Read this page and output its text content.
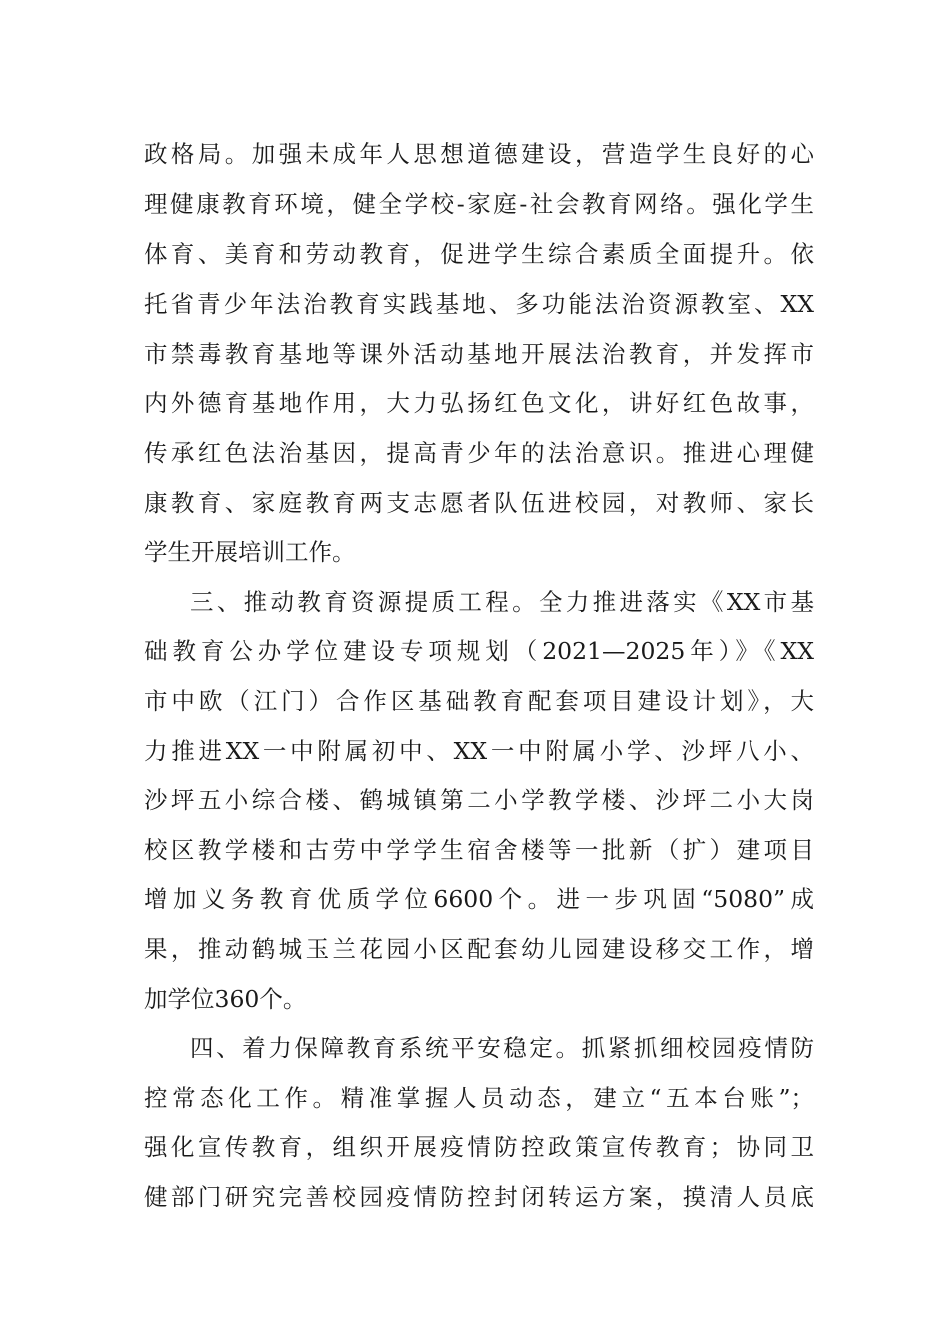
政格局。加强未成年人思想道德建设，营造学生良好的心
理健康教育环境，健全学校-家庭-社会教育网络。强化学生
体育、美育和劳动教育，促进学生综合素质全面提升。依
托省青少年法治教育实践基地、多功能法治资源教室、XX
市禁毒教育基地等课外活动基地开展法治教育，并发挥市
内外德育基地作用，大力弘扬红色文化，讲好红色故事，
传承红色法治基因，提高青少年的法治意识。推进心理健
康教育、家庭教育两支志愿者队伍进校园，对教师、家长
学生开展培训工作。
三、推动教育资源提质工程。全力推进落实《XX市基
础教育公办学位建设专项规划（2021—2025年）》《XX
市中欧（江门）合作区基础教育配套项目建设计划》，大
力推进XX一中附属初中、XX一中附属小学、沙坪八小、
沙坪五小综合楼、鹤城镇第二小学教学楼、沙坪二小大岗
校区教学楼和古劳中学学生宿舍楼等一批新（扩）建项目
增加义务教育优质学位6600个。进一步巩固“5080”成
果，推动鹤城玉兰花园小区配套幼儿园建设移交工作，增
加学位360个。
四、着力保障教育系统平安稳定。抓紧抓细校园疫情防
控常态化工作。精准掌握人员动态，建立“五本台账”；
强化宣传教育，组织开展疫情防控政策宣传教育；协同卫
健部门研究完善校园疫情防控封闭转运方案，摸清人员底
